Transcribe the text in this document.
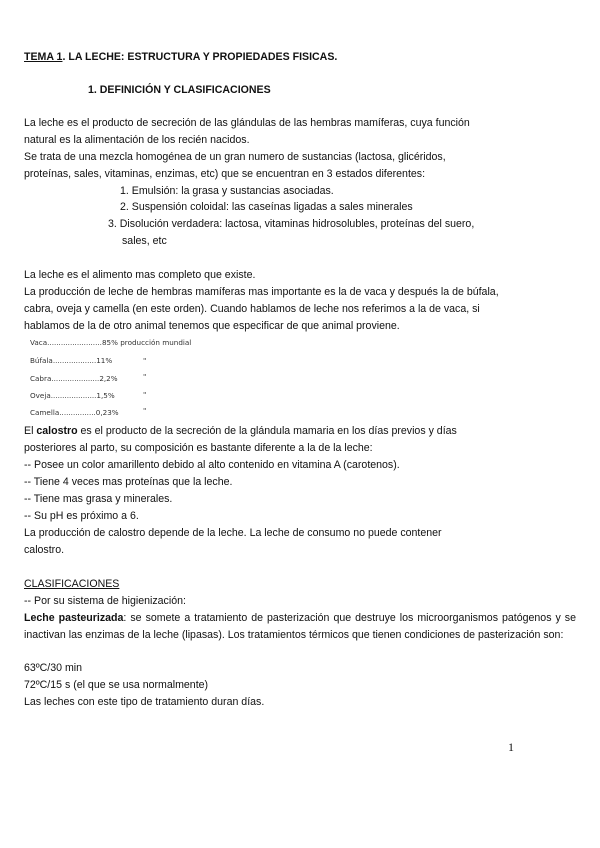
TEMA 1. LA LECHE: ESTRUCTURA Y PROPIEDADES FISICAS.
1. DEFINICIÓN Y CLASIFICACIONES
La leche es el producto de secreción de las glándulas de las hembras mamíferas, cuya función
natural es la alimentación de los recién nacidos.
Se trata de una mezcla homogénea de un gran numero de sustancias (lactosa, glicéridos,
proteínas, sales, vitaminas, enzimas, etc) que se encuentran en 3 estados diferentes:
1. Emulsión: la grasa y sustancias asociadas.
2. Suspensión coloidal: las caseínas ligadas a sales minerales
3. Disolución verdadera: lactosa, vitaminas hidrosolubles, proteínas del suero,
sales, etc
La leche es el alimento mas completo que existe.
La producción de leche de hembras mamíferas mas importante es la de vaca y después la de búfala,
cabra, oveja y camella (en este orden). Cuando hablamos de leche nos referimos a la de vaca, si
hablamos de la de otro animal tenemos que especificar de que animal proviene.
Vaca........................85% producción mundial
Búfala...................11%	"
Cabra.....................2,2%	"
Oveja....................1,5%	"
Camella................0,23%	"
El calostro es el producto de la secreción de la glándula mamaria en los días previos y días
posteriores al parto, su composición es bastante diferente a la de la leche:
-- Posee un color amarillento debido al alto contenido en vitamina A (carotenos).
-- Tiene 4 veces mas proteínas que la leche.
-- Tiene mas grasa y minerales.
-- Su pH es próximo a 6.
La producción de calostro depende de la leche. La leche de consumo no puede contener
calostro.
CLASIFICACIONES
-- Por su sistema de higienización:
Leche pasteurizada: se somete a tratamiento de pasterización que destruye los microorganismos patógenos y se inactivan las enzimas de la leche (lipasas). Los tratamientos térmicos que tienen condiciones de pasterización son:
63ºC/30 min
72ºC/15 s (el que se usa normalmente)
Las leches con este tipo de tratamiento duran días.
1
